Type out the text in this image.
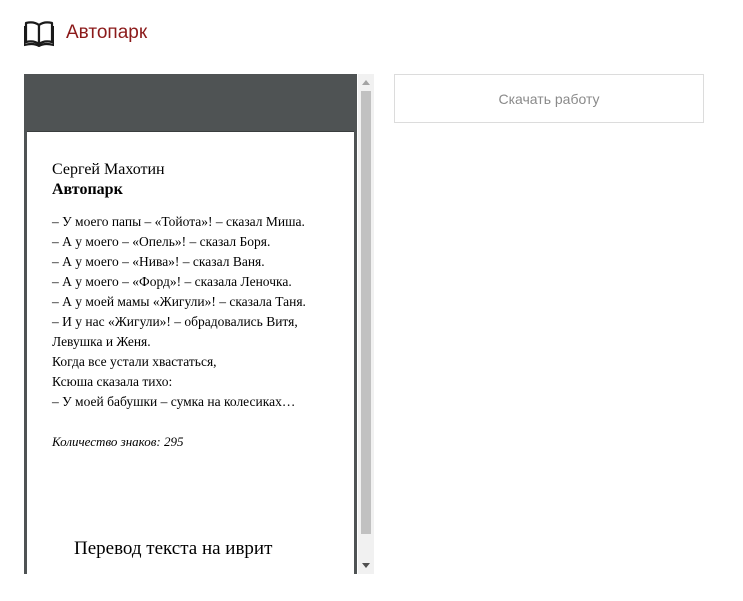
Автопарк
Сергей Махотин
Автопарк
– У моего папы – «Тойота»! – сказал Миша.
– А у моего – «Опель»! – сказал Боря.
– А у моего – «Нива»! – сказал Ваня.
– А у моего – «Форд»! – сказала Леночка.
– А у моей мамы «Жигули»! – сказала Таня.
– И у нас «Жигули»! – обрадовались Витя,
Левушка и Женя.
Когда все устали хвастаться,
Ксюша сказала тихо:
– У моей бабушки – сумка на колесиках…
Количество знаков: 295
Перевод текста на иврит
Скачать работу
